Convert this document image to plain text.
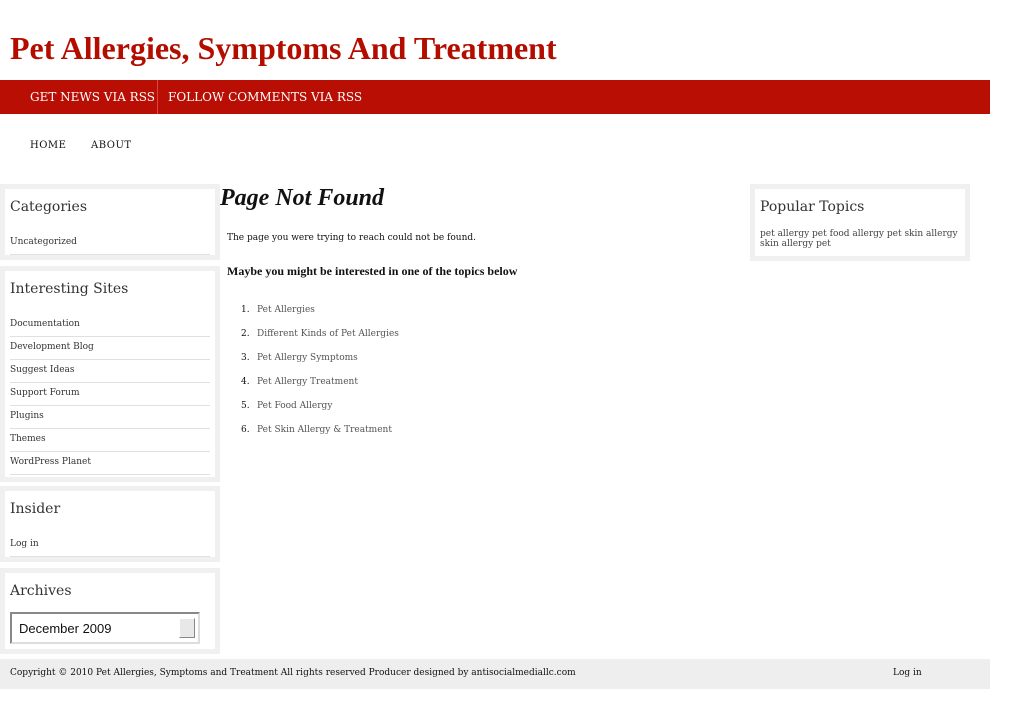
Pet Allergies, Symptoms And Treatment
GET NEWS VIA RSS FOLLOW COMMENTS VIA RSS
HOME ABOUT
Categories
Uncategorized
Interesting Sites
Documentation
Development Blog
Suggest Ideas
Support Forum
Plugins
Themes
WordPress Planet
Insider
Log in
Archives
December 2009
Popular Topics
pet allergy pet food allergy pet skin allergy skin allergy pet
Page Not Found
The page you were trying to reach could not be found.
Maybe you might be interested in one of the topics below
1. Pet Allergies
2. Different Kinds of Pet Allergies
3. Pet Allergy Symptoms
4. Pet Allergy Treatment
5. Pet Food Allergy
6. Pet Skin Allergy & Treatment
Copyright © 2010 Pet Allergies, Symptoms and Treatment All rights reserved Producer designed by antisocialmediallc.com	Log in
